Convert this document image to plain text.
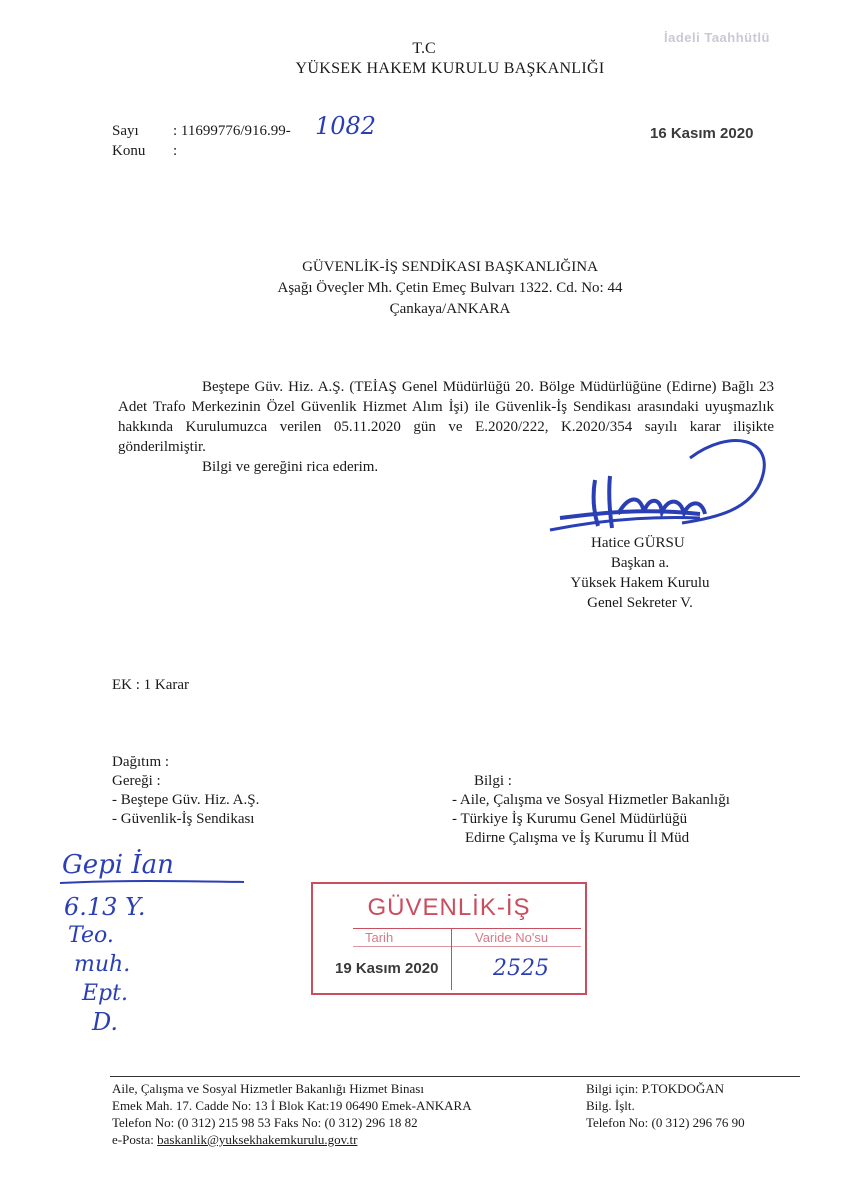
İadeli Taahhütlü
T.C
YÜKSEK HAKEM KURULU BAŞKANLIĞI
Sayı : 11699776/916.99- 1082
Konu :
16 Kasım 2020
GÜVENLİK-İŞ SENDİKASI BAŞKANLIĞINA
Aşağı Öveçler Mh. Çetin Emeç Bulvarı 1322. Cd. No: 44
Çankaya/ANKARA
Beştepe Güv. Hiz. A.Ş. (TEİAŞ Genel Müdürlüğü 20. Bölge Müdürlüğüne (Edirne) Bağlı 23 Adet Trafo Merkezinin Özel Güvenlik Hizmet Alım İşi) ile Güvenlik-İş Sendikası arasındaki uyuşmazlık hakkında Kurulumuzca verilen 05.11.2020 gün ve E.2020/222, K.2020/354 sayılı karar ilişikte gönderilmiştir.
Bilgi ve gereğini rica ederim.
Hatice GÜRSU
Başkan a.
Yüksek Hakem Kurulu
Genel Sekreter V.
EK : 1 Karar
Dağıtım :
Gereği :
- Beştepe Güv. Hiz. A.Ş.
- Güvenlik-İş Sendikası
Bilgi :
- Aile, Çalışma ve Sosyal Hizmetler Bakanlığı
- Türkiye İş Kurumu Genel Müdürlüğü
Edirne Çalışma ve İş Kurumu İl Müd
Gepi İan
6.13 Y.
Teo.
muh.
Ept.
D.
GÜVENLİK-İŞ
Tarih	Varide No'su
19 Kasım 2020 2525
Aile, Çalışma ve Sosyal Hizmetler Bakanlığı Hizmet Binası
Emek Mah. 17. Cadde No: 13 İ Blok Kat:19 06490 Emek-ANKARA
Telefon No: (0 312) 215 98 53 Faks No: (0 312) 296 18 82
e-Posta: baskanlik@yuksekhakemkurulu.gov.tr
Bilgi için: P.TOKDOĞAN
Bilg. İşlt.
Telefon No: (0 312) 296 76 90
